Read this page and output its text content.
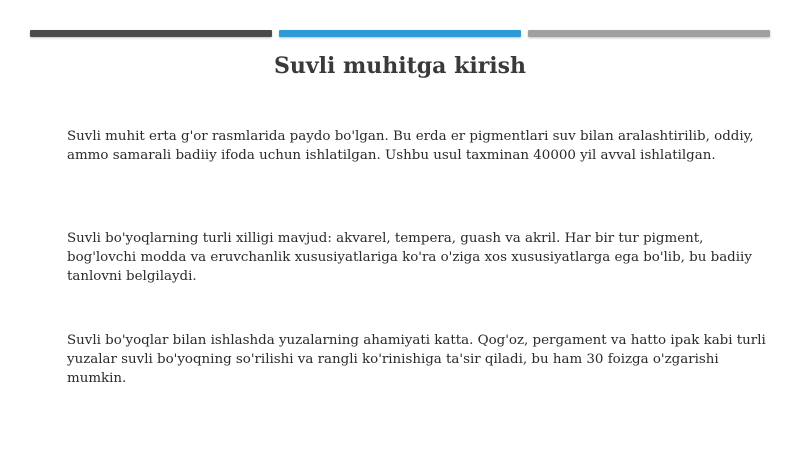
Suvli muhitga kirish

Suvli muhit erta g'or rasmlarida paydo bo'lgan. Bu erda er pigmentlari suv bilan aralashtirilib, oddiy, ammo samarali badiiy ifoda uchun ishlatilgan. Ushbu usul taxminan 40000 yil avval ishlatilgan.

Suvli bo'yoqlarning turli xilligi mavjud: akvarel, tempera, guash va akril. Har bir tur pigment, bog'lovchi modda va eruvchanlik xususiyatlariga ko'ra o'ziga xos xususiyatlarga ega bo'lib, bu badiiy tanlovni belgilaydi.

Suvli bo'yoqlar bilan ishlashda yuzalarning ahamiyati katta. Qog'oz, pergament va hatto ipak kabi turli yuzalar suvli bo'yoqning so'rilishi va rangli ko'rinishiga ta'sir qiladi, bu ham 30 foizga o'zgarishi mumkin.
